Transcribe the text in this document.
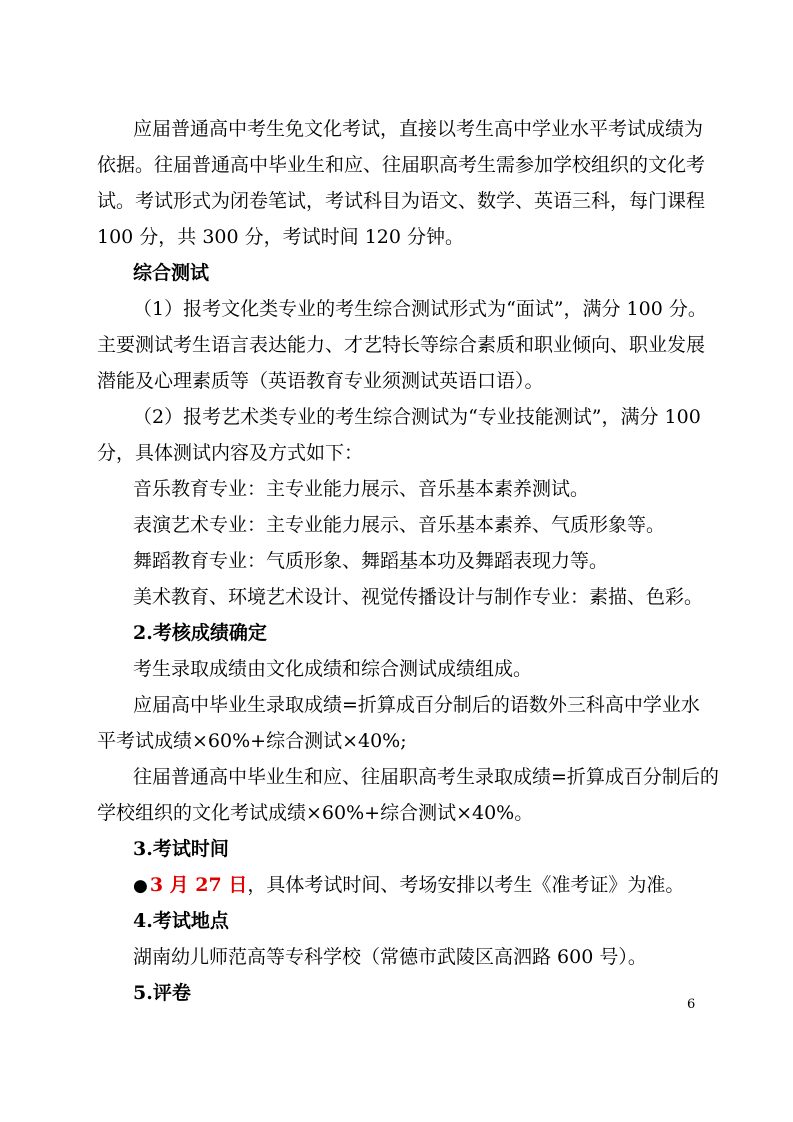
应届普通高中考生免文化考试，直接以考生高中学业水平考试成绩为
依据。往届普通高中毕业生和应、往届职高考生需参加学校组织的文化考
试。考试形式为闭卷笔试，考试科目为语文、数学、英语三科，每门课程
100 分，共 300 分，考试时间 120 分钟。
综合测试
（1）报考文化类专业的考生综合测试形式为“面试”，满分 100 分。
主要测试考生语言表达能力、才艺特长等综合素质和职业倾向、职业发展
潜能及心理素质等（英语教育专业须测试英语口语）。
（2）报考艺术类专业的考生综合测试为“专业技能测试”，满分 100
分，具体测试内容及方式如下：
音乐教育专业：主专业能力展示、音乐基本素养测试。
表演艺术专业：主专业能力展示、音乐基本素养、气质形象等。
舞蹈教育专业：气质形象、舞蹈基本功及舞蹈表现力等。
美术教育、环境艺术设计、视觉传播设计与制作专业：素描、色彩。
2.考核成绩确定
考生录取成绩由文化成绩和综合测试成绩组成。
应届高中毕业生录取成绩=折算成百分制后的语数外三科高中学业水
平考试成绩×60%+综合测试×40%;
往届普通高中毕业生和应、往届职高考生录取成绩=折算成百分制后的
学校组织的文化考试成绩×60%+综合测试×40%。
3.考试时间
● 3 月 27 日，具体考试时间、考场安排以考生《准考证》为准。
4.考试地点
湖南幼儿师范高等专科学校（常德市武陵区高泗路 600 号）。
5.评卷
6
